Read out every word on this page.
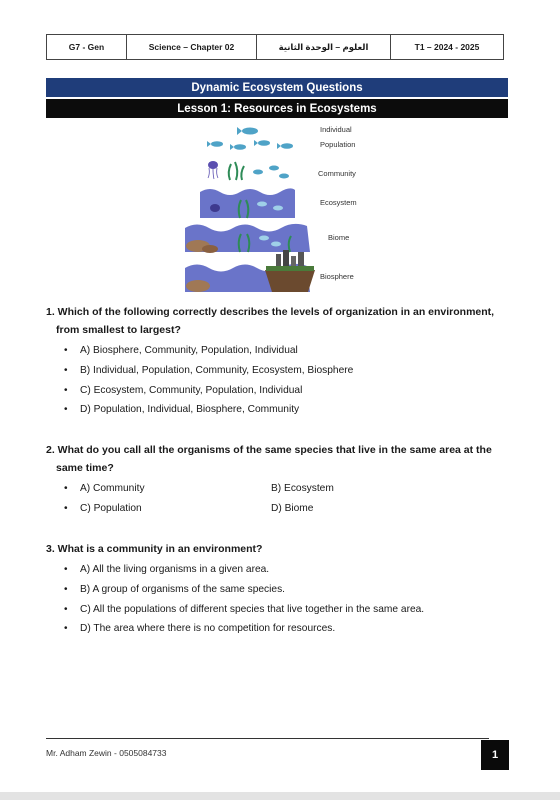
G7 - Gen	Science – Chapter 02	العلوم – الوحدة الثانية	T1 – 2024 - 2025
Dynamic Ecosystem Questions
Lesson 1: Resources in Ecosystems
Individual
Population
Community
Ecosystem
Biome
Biosphere
1. Which of the following correctly describes the levels of organization in an environment,
from smallest to largest?
• A) Biosphere, Community, Population, Individual
• B) Individual, Population, Community, Ecosystem, Biosphere
• C) Ecosystem, Community, Population, Individual
• D) Population, Individual, Biosphere, Community
2. What do you call all the organisms of the same species that live in the same area at the
same time?
• A) Community	B) Ecosystem
• C) Population	D) Biome
3. What is a community in an environment?
• A) All the living organisms in a given area.
• B) A group of organisms of the same species.
• C) All the populations of different species that live together in the same area.
• D) The area where there is no competition for resources.
Mr. Adham Zewin - 0505084733	1
